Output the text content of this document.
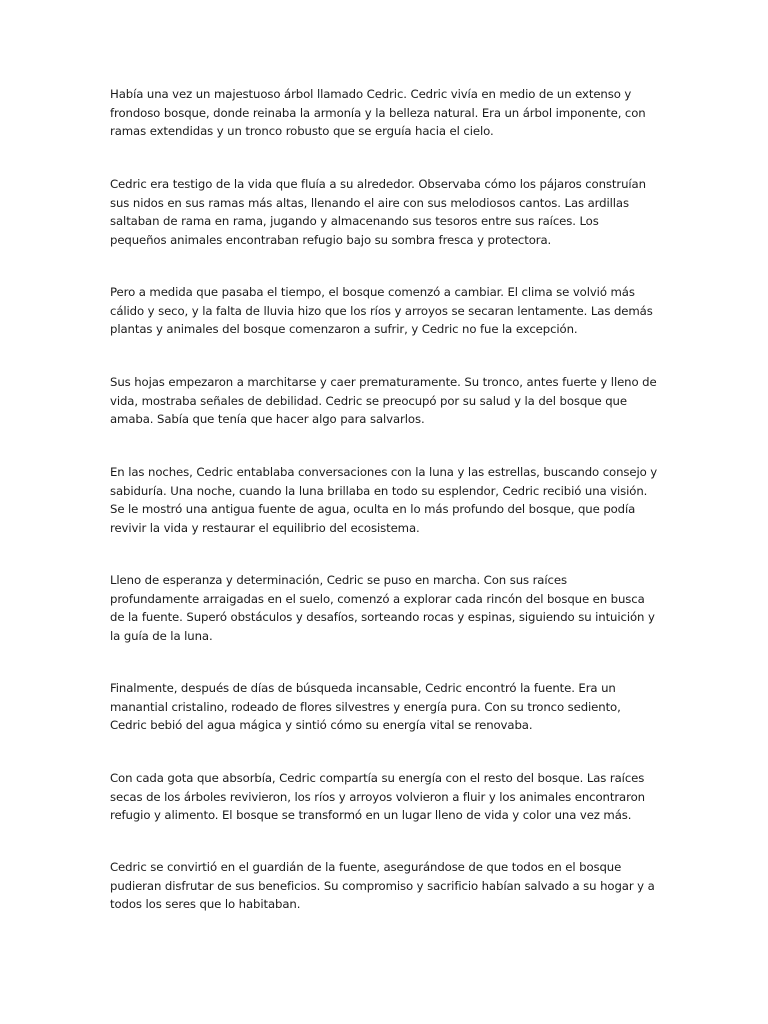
Había una vez un majestuoso árbol llamado Cedric. Cedric vivía en medio de un extenso y frondoso bosque, donde reinaba la armonía y la belleza natural. Era un árbol imponente, con ramas extendidas y un tronco robusto que se erguía hacia el cielo.

Cedric era testigo de la vida que fluía a su alrededor. Observaba cómo los pájaros construían sus nidos en sus ramas más altas, llenando el aire con sus melodiosos cantos. Las ardillas saltaban de rama en rama, jugando y almacenando sus tesoros entre sus raíces. Los pequeños animales encontraban refugio bajo su sombra fresca y protectora.

Pero a medida que pasaba el tiempo, el bosque comenzó a cambiar. El clima se volvió más cálido y seco, y la falta de lluvia hizo que los ríos y arroyos se secaran lentamente. Las demás plantas y animales del bosque comenzaron a sufrir, y Cedric no fue la excepción.

Sus hojas empezaron a marchitarse y caer prematuramente. Su tronco, antes fuerte y lleno de vida, mostraba señales de debilidad. Cedric se preocupó por su salud y la del bosque que amaba. Sabía que tenía que hacer algo para salvarlos.

En las noches, Cedric entablaba conversaciones con la luna y las estrellas, buscando consejo y sabiduría. Una noche, cuando la luna brillaba en todo su esplendor, Cedric recibió una visión. Se le mostró una antigua fuente de agua, oculta en lo más profundo del bosque, que podía revivir la vida y restaurar el equilibrio del ecosistema.

Lleno de esperanza y determinación, Cedric se puso en marcha. Con sus raíces profundamente arraigadas en el suelo, comenzó a explorar cada rincón del bosque en busca de la fuente. Superó obstáculos y desafíos, sorteando rocas y espinas, siguiendo su intuición y la guía de la luna.

Finalmente, después de días de búsqueda incansable, Cedric encontró la fuente. Era un manantial cristalino, rodeado de flores silvestres y energía pura. Con su tronco sediento, Cedric bebió del agua mágica y sintió cómo su energía vital se renovaba.

Con cada gota que absorbía, Cedric compartía su energía con el resto del bosque. Las raíces secas de los árboles revivieron, los ríos y arroyos volvieron a fluir y los animales encontraron refugio y alimento. El bosque se transformó en un lugar lleno de vida y color una vez más.

Cedric se convirtió en el guardián de la fuente, asegurándose de que todos en el bosque pudieran disfrutar de sus beneficios. Su compromiso y sacrificio habían salvado a su hogar y a todos los seres que lo habitaban.
